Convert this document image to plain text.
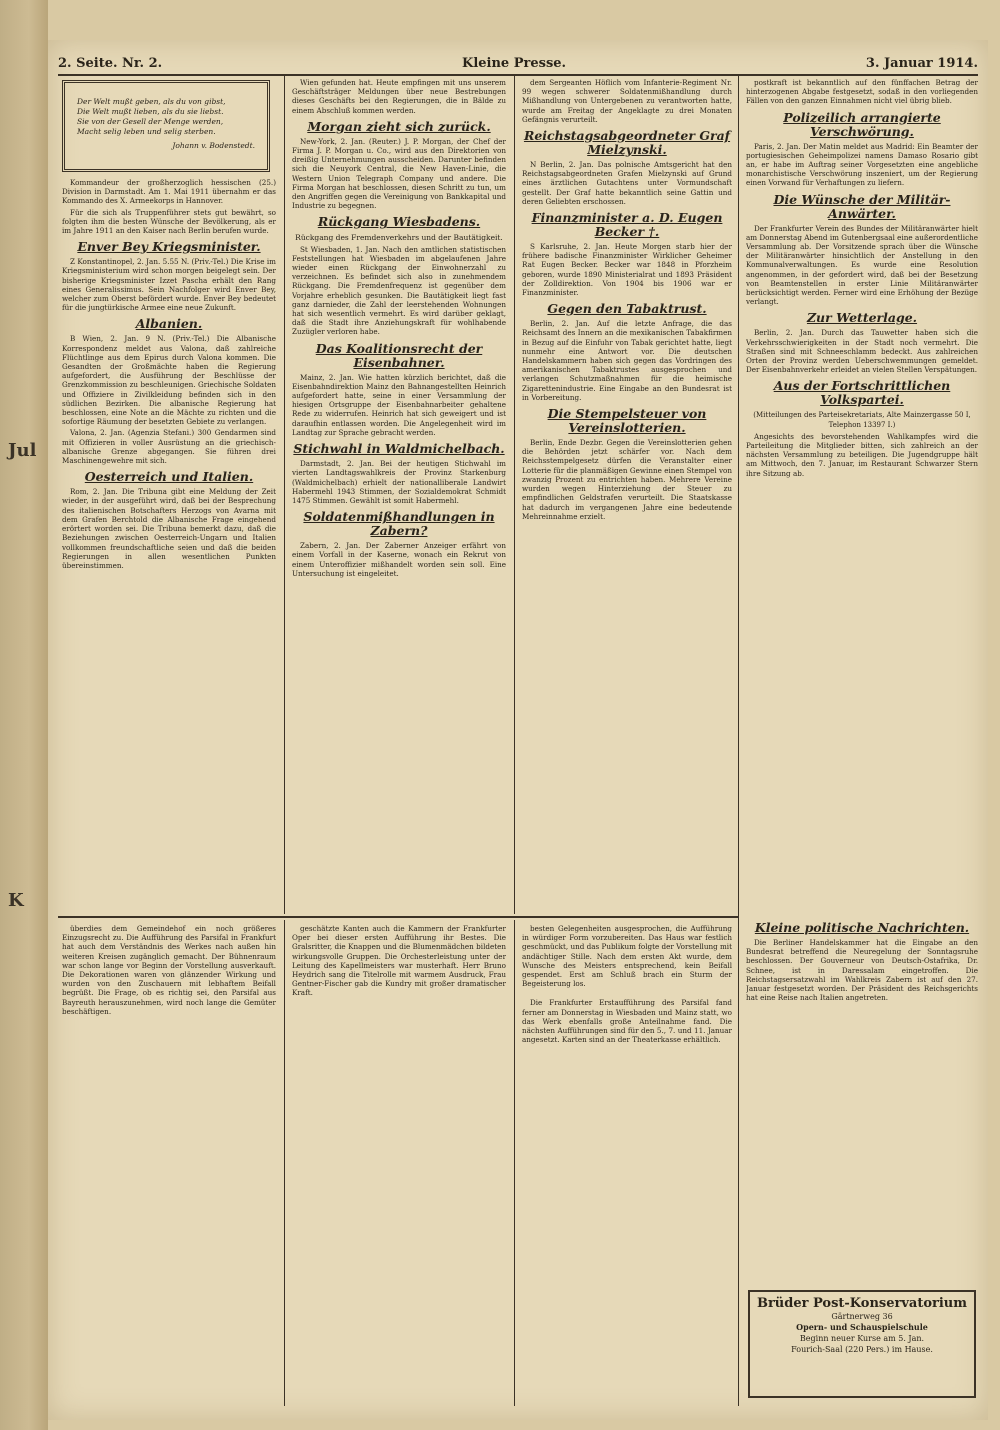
Jul
K
2. Seite. Nr. 2.	Kleine Presse.	3. Januar 1914.
Der Welt mußt geben, als du von gibst,
Die Welt mußt lieben, als du sie liebst.
Sie von der Gesell der Menge werden,
Macht selig leben und selig sterben.
Johann v. Bodenstedt.

Kommandeur der großherzoglich hessischen (25.) Division in Darmstadt. Am 1. Mai 1911 übernahm er das Kommando des X. Armeekorps in Hannover.

Für die sich als Truppenführer stets gut bewährt, so folgten ihm die besten Wünsche der Bevölkerung, als er im Jahre 1911 an den Kaiser nach Berlin berufen wurde.

Enver Bey Kriegsminister.

Z Konstantinopel, 2. Jan. 5.55 N. (Priv.-Tel.) Die Krise im Kriegsministerium wird schon morgen beigelegt sein. Der bisherige Kriegsminister Izzet Pascha erhält den Rang eines Generalissimus. Sein Nachfolger wird Enver Bey, welcher zum Oberst befördert wurde. Enver Bey bedeutet für die jungtürkische Armee eine neue Zukunft.

Albanien.

B Wien, 2. Jan. 9 N. (Priv.-Tel.) Die Albanische Korrespondenz meldet aus Valona, daß zahlreiche Flüchtlinge aus dem Epirus durch Valona kommen. Die Gesandten der Großmächte haben die Regierung aufgefordert, die Ausführung der Beschlüsse der Grenzkommission zu beschleunigen. Griechische Soldaten und Offiziere in Zivilkleidung befinden sich in den südlichen Bezirken. Die albanische Regierung hat beschlossen, eine Note an die Mächte zu richten und die sofortige Räumung der besetzten Gebiete zu verlangen.

Valona, 2. Jan. (Agenzia Stefani.) 300 Gendarmen sind mit Offizieren in voller Ausrüstung an die griechisch-albanische Grenze abgegangen. Sie führen drei Maschinengewehre mit sich.

Oesterreich und Italien.

Rom, 2. Jan. Die Tribuna gibt eine Meldung der Zeit wieder, in der ausgeführt wird, daß bei der Besprechung des italienischen Botschafters Herzogs von Avarna mit dem Grafen Berchtold die Albanische Frage eingehend erörtert worden sei. Die Tribuna bemerkt dazu, daß die Beziehungen zwischen Oesterreich-Ungarn und Italien vollkommen freundschaftliche seien und daß die beiden Regierungen in allen wesentlichen Punkten übereinstimmen.

Wien gefunden hat. Heute empfingen mit uns unserem Geschäftsträger Meldungen über neue Bestrebungen dieses Geschäfts bei den Regierungen, die in Bälde zu einem Abschluß kommen werden.

Morgan zieht sich zurück.

New-York, 2. Jan. (Reuter.) J. P. Morgan, der Chef der Firma J. P. Morgan u. Co., wird aus den Direktorien von dreißig Unternehmungen ausscheiden. Darunter befinden sich die Neuyork Central, die New Haven-Linie, die Western Union Telegraph Company und andere. Die Firma Morgan hat beschlossen, diesen Schritt zu tun, um den Angriffen gegen die Vereinigung von Bankkapital und Industrie zu begegnen.

Rückgang Wiesbadens.
Rückgang des Fremdenverkehrs und der Bautätigkeit.

St Wiesbaden, 1. Jan. Nach den amtlichen statistischen Feststellungen hat Wiesbaden im abgelaufenen Jahre wieder einen Rückgang der Einwohnerzahl zu verzeichnen. Es befindet sich also in zunehmendem Rückgang. Die Fremdenfrequenz ist gegenüber dem Vorjahre erheblich gesunken. Die Bautätigkeit liegt fast ganz darnieder, die Zahl der leerstehenden Wohnungen hat sich wesentlich vermehrt. Es wird darüber geklagt, daß die Stadt ihre Anziehungskraft für wohlhabende Zuzügler verloren habe.

Das Koalitionsrecht der Eisenbahner.

Mainz, 2. Jan. Wie hatten kürzlich berichtet, daß die Eisenbahndirektion Mainz den Bahnangestellten Heinrich aufgefordert hatte, seine in einer Versammlung der hiesigen Ortsgruppe der Eisenbahnarbeiter gehaltene Rede zu widerrufen. Heinrich hat sich geweigert und ist daraufhin entlassen worden. Die Angelegenheit wird im Landtag zur Sprache gebracht werden.

Stichwahl in Waldmichelbach.

Darmstadt, 2. Jan. Bei der heutigen Stichwahl im vierten Landtagswahlkreis der Provinz Starkenburg (Waldmichelbach) erhielt der nationalliberale Landwirt Habermehl 1943 Stimmen, der Sozialdemokrat Schmidt 1475 Stimmen. Gewählt ist somit Habermehl.

Soldatenmißhandlungen in Zabern?

Zabern, 2. Jan. Der Zaberner Anzeiger erfährt von einem Vorfall in der Kaserne, wonach ein Rekrut von einem Unteroffizier mißhandelt worden sein soll. Eine Untersuchung ist eingeleitet.

dem Sergeanten Höflich vom Infanterie-Regiment Nr. 99 wegen schwerer Soldatenmißhandlung durch Mißhandlung von Untergebenen zu verantworten hatte, wurde am Freitag der Angeklagte zu drei Monaten Gefängnis verurteilt.

Reichstagsabgeordneter Graf Mielzynski.

N Berlin, 2. Jan. Das polnische Amtsgericht hat den Reichstagsabgeordneten Grafen Mielzynski auf Grund eines ärztlichen Gutachtens unter Vormundschaft gestellt. Der Graf hatte bekanntlich seine Gattin und deren Geliebten erschossen.

Finanzminister a. D. Eugen Becker †.

S Karlsruhe, 2. Jan. Heute Morgen starb hier der frühere badische Finanzminister Wirklicher Geheimer Rat Eugen Becker. Becker war 1848 in Pforzheim geboren, wurde 1890 Ministerialrat und 1893 Präsident der Zolldirektion. Von 1904 bis 1906 war er Finanzminister.

Gegen den Tabaktrust.

Berlin, 2. Jan. Auf die letzte Anfrage, die das Reichsamt des Innern an die mexikanischen Tabakfirmen in Bezug auf die Einfuhr von Tabak gerichtet hatte, liegt nunmehr eine Antwort vor. Die deutschen Handelskammern haben sich gegen das Vordringen des amerikanischen Tabaktrustes ausgesprochen und verlangen Schutzmaßnahmen für die heimische Zigarettenindustrie. Eine Eingabe an den Bundesrat ist in Vorbereitung.

Die Stempelsteuer von Vereinslotterien.

Berlin, Ende Dezbr. Gegen die Vereinslotterien gehen die Behörden jetzt schärfer vor. Nach dem Reichsstempelgesetz dürfen die Veranstalter einer Lotterie für die planmäßigen Gewinne einen Stempel von zwanzig Prozent zu entrichten haben. Mehrere Vereine wurden wegen Hinterziehung der Steuer zu empfindlichen Geldstrafen verurteilt. Die Staatskasse hat dadurch im vergangenen Jahre eine bedeutende Mehreinnahme erzielt.

postkraft ist bekanntlich auf den fünffachen Betrag der hinterzogenen Abgabe festgesetzt, sodaß in den vorliegenden Fällen von den ganzen Einnahmen nicht viel übrig blieb.

Polizeilich arrangierte Verschwörung.

Paris, 2. Jan. Der Matin meldet aus Madrid: Ein Beamter der portugiesischen Geheimpolizei namens Damaso Rosario gibt an, er habe im Auftrag seiner Vorgesetzten eine angebliche monarchistische Verschwörung inszeniert, um der Regierung einen Vorwand für Verhaftungen zu liefern.

Die Wünsche der Militär-Anwärter.

Der Frankfurter Verein des Bundes der Militäranwärter hielt am Donnerstag Abend im Gutenbergsaal eine außerordentliche Versammlung ab. Der Vorsitzende sprach über die Wünsche der Militäranwärter hinsichtlich der Anstellung in den Kommunalverwaltungen. Es wurde eine Resolution angenommen, in der gefordert wird, daß bei der Besetzung von Beamtenstellen in erster Linie Militäranwärter berücksichtigt werden. Ferner wird eine Erhöhung der Bezüge verlangt.

Zur Wetterlage.

Berlin, 2. Jan. Durch das Tauwetter haben sich die Verkehrsschwierigkeiten in der Stadt noch vermehrt. Die Straßen sind mit Schneeschlamm bedeckt. Aus zahlreichen Orten der Provinz werden Ueberschwemmungen gemeldet. Der Eisenbahnverkehr erleidet an vielen Stellen Verspätungen.

Aus der Fortschrittlichen Volkspartei.
(Mitteilungen des Parteisekretariats, Alte Mainzergasse 50 I, Telephon 13397 I.)

Angesichts des bevorstehenden Wahlkampfes wird die Parteileitung die Mitglieder bitten, sich zahlreich an der nächsten Versammlung zu beteiligen. Die Jugendgruppe hält am Mittwoch, den 7. Januar, im Restaurant Schwarzer Stern ihre Sitzung ab.

Kleine politische Nachrichten.

Die Berliner Handelskammer hat die Eingabe an den Bundesrat betreffend die Neuregelung der Sonntagsruhe beschlossen. Der Gouverneur von Deutsch-Ostafrika, Dr. Schnee, ist in Daressalam eingetroffen. Die Reichstagsersatzwahl im Wahlkreis Zabern ist auf den 27. Januar festgesetzt worden. Der Präsident des Reichsgerichts hat eine Reise nach Italien angetreten.

Brüder Post-Konservatorium
Gärtnerweg 36
Opern- und Schauspielschule
Beginn neuer Kurse am 5. Jan.
Fourich-Saal (220 Pers.) im Hause.

überdies dem Gemeindehof ein noch größeres Einzugsrecht zu. Die Aufführung des Parsifal in Frankfurt hat auch dem Verständnis des Werkes nach außen hin weiteren Kreisen zugänglich gemacht. Der Bühnenraum war schon lange vor Beginn der Vorstellung ausverkauft. Die Dekorationen waren von glänzender Wirkung und wurden von den Zuschauern mit lebhaftem Beifall begrüßt. Die Frage, ob es richtig sei, den Parsifal aus Bayreuth herauszunehmen, wird noch lange die Gemüter beschäftigen.

geschätzte Kanten auch die Kammern der Frankfurter Oper bei dieser ersten Aufführung ihr Bestes. Die Gralsritter, die Knappen und die Blumenmädchen bildeten wirkungsvolle Gruppen. Die Orchesterleistung unter der Leitung des Kapellmeisters war musterhaft. Herr Bruno Heydrich sang die Titelrolle mit warmem Ausdruck, Frau Gentner-Fischer gab die Kundry mit großer dramatischer Kraft.

besten Gelegenheiten ausgesprochen, die Aufführung in würdiger Form vorzubereiten. Das Haus war festlich geschmückt, und das Publikum folgte der Vorstellung mit andächtiger Stille. Nach dem ersten Akt wurde, dem Wunsche des Meisters entsprechend, kein Beifall gespendet. Erst am Schluß brach ein Sturm der Begeisterung los.

Die Frankfurter Erstaufführung des Parsifal fand ferner am Donnerstag in Wiesbaden und Mainz statt, wo das Werk ebenfalls große Anteilnahme fand. Die nächsten Aufführungen sind für den 5., 7. und 11. Januar angesetzt. Karten sind an der Theaterkasse erhältlich.
